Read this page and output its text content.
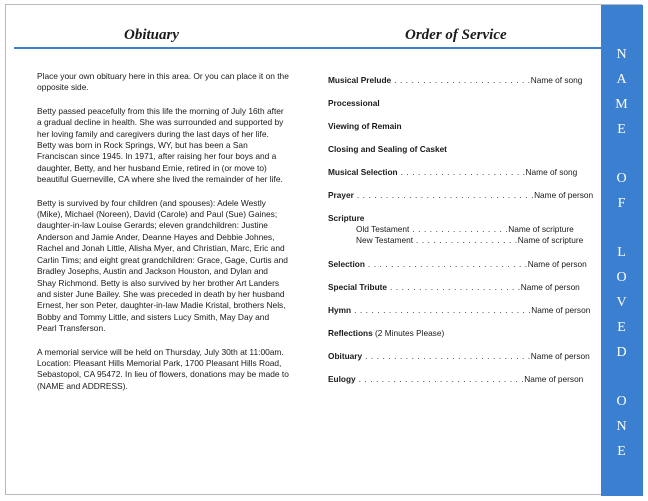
Obituary	Order of Service

Place your own obituary here in this area. Or you can place it on the opposite side.

Betty passed peacefully from this life the morning of July 16th after a gradual decline in health. She was surrounded and supported by her loving family and caregivers during the last days of her life. Betty was born in Rock Springs, WY, but has been a San Franciscan since 1945. In 1971, after raising her four boys and a daughter, Betty, and her husband Ernie, retired in (or move to) beautiful Guerneville, CA where she lived the remainder of her life.

Betty is survived by four children (and spouses): Adele Westly (Mike), Michael (Noreen), David (Carole) and Paul (Sue) Gaines; daughter-in-law Louise Gerards; eleven grandchildren: Justine Anderson and Jamie Ander, Deanne Hayes and Debbie Johnes, Rachel and Jonah Little, Alisha Myer, and Christian, Marc, Eric and Carlin Tims; and eight great grandchildren: Grace, Gage, Curtis and Bradley Josephs, Austin and Jackson Houston, and Dylan and Shay Richmond. Betty is also survived by her brother Art Landers and sister June Bailey. She was preceded in death by her husband Ernest, her son Peter, daughter-in-law Madie Kristal, brothers Nels, Bobby and Tommy Little, and sisters Lucy Smith, May Day and Pearl Transferson.

A memorial service will be held on Thursday, July 30th at 11:00am. Location: Pleasant Hills Memorial Park, 1700 Pleasant Hills Road, Sebastopol, CA 95472. In lieu of flowers, donations may be made to (NAME and ADDRESS).

Musical Prelude . . . . . . . . . . . . . . . . . . . . . . . .Name of song
Processional
Viewing of Remain
Closing and Sealing of Casket
Musical Selection . . . . . . . . . . . . . . . . . . . . . .Name of song
Prayer . . . . . . . . . . . . . . . . . . . . . . . . . . . . . . .Name of person
Scripture
Old Testament . . . . . . . . . . . . . . . . .Name of scripture
New Testament . . . . . . . . . . . . . . . . . .Name of scripture
Selection . . . . . . . . . . . . . . . . . . . . . . . . . . . .Name of person
Special Tribute . . . . . . . . . . . . . . . . . . . . . . .Name of person
Hymn . . . . . . . . . . . . . . . . . . . . . . . . . . . . . . .Name of person
Reflections (2 Minutes Please)
Obituary . . . . . . . . . . . . . . . . . . . . . . . . . . . . .Name of person
Eulogy . . . . . . . . . . . . . . . . . . . . . . . . . . . . .Name of person
N
A
M
E
O
F
L
O
V
E
D
O
N
E
